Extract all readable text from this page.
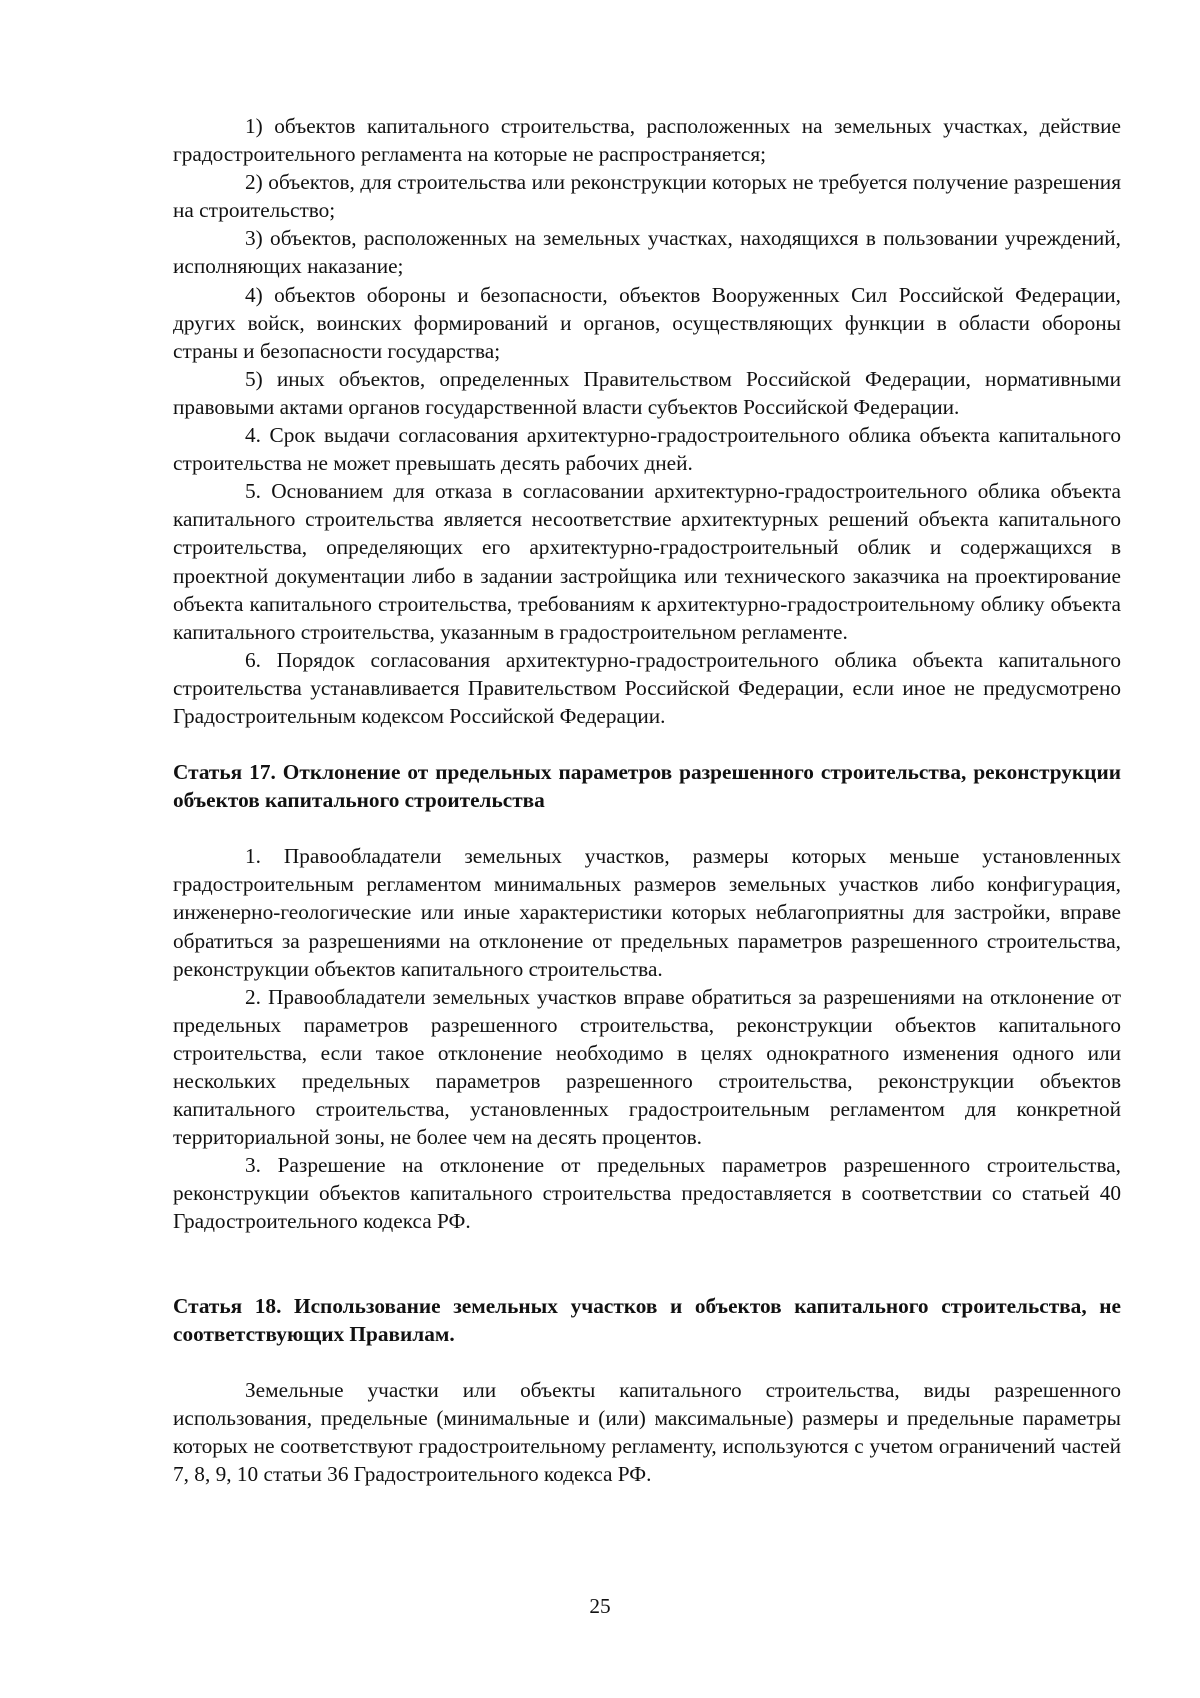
1) объектов капитального строительства, расположенных на земельных участках, действие градостроительного регламента на которые не распространяется;

2) объектов, для строительства или реконструкции которых не требуется получение разрешения на строительство;

3) объектов, расположенных на земельных участках, находящихся в пользовании учреждений, исполняющих наказание;

4) объектов обороны и безопасности, объектов Вооруженных Сил Российской Федерации, других войск, воинских формирований и органов, осуществляющих функции в области обороны страны и безопасности государства;

5) иных объектов, определенных Правительством Российской Федерации, нормативными правовыми актами органов государственной власти субъектов Российской Федерации.

4. Срок выдачи согласования архитектурно-градостроительного облика объекта капитального строительства не может превышать десять рабочих дней.

5. Основанием для отказа в согласовании архитектурно-градостроительного облика объекта капитального строительства является несоответствие архитектурных решений объекта капитального строительства, определяющих его архитектурно-градостроительный облик и содержащихся в проектной документации либо в задании застройщика или технического заказчика на проектирование объекта капитального строительства, требованиям к архитектурно-градостроительному облику объекта капитального строительства, указанным в градостроительном регламенте.

6. Порядок согласования архитектурно-градостроительного облика объекта капитального строительства устанавливается Правительством Российской Федерации, если иное не предусмотрено Градостроительным кодексом Российской Федерации.

Статья 17. Отклонение от предельных параметров разрешенного строительства, реконструкции объектов капитального строительства

1. Правообладатели земельных участков, размеры которых меньше установленных градостроительным регламентом минимальных размеров земельных участков либо конфигурация, инженерно-геологические или иные характеристики которых неблагоприятны для застройки, вправе обратиться за разрешениями на отклонение от предельных параметров разрешенного строительства, реконструкции объектов капитального строительства.

2. Правообладатели земельных участков вправе обратиться за разрешениями на отклонение от предельных параметров разрешенного строительства, реконструкции объектов капитального строительства, если такое отклонение необходимо в целях однократного изменения одного или нескольких предельных параметров разрешенного строительства, реконструкции объектов капитального строительства, установленных градостроительным регламентом для конкретной территориальной зоны, не более чем на десять процентов.

3. Разрешение на отклонение от предельных параметров разрешенного строительства, реконструкции объектов капитального строительства предоставляется в соответствии со статьей 40 Градостроительного кодекса РФ.

Статья 18. Использование земельных участков и объектов капитального строительства, не соответствующих Правилам.

Земельные участки или объекты капитального строительства, виды разрешенного использования, предельные (минимальные и (или) максимальные) размеры и предельные параметры которых не соответствуют градостроительному регламенту, используются с учетом ограничений частей 7, 8, 9, 10 статьи 36 Градостроительного кодекса РФ.

25
